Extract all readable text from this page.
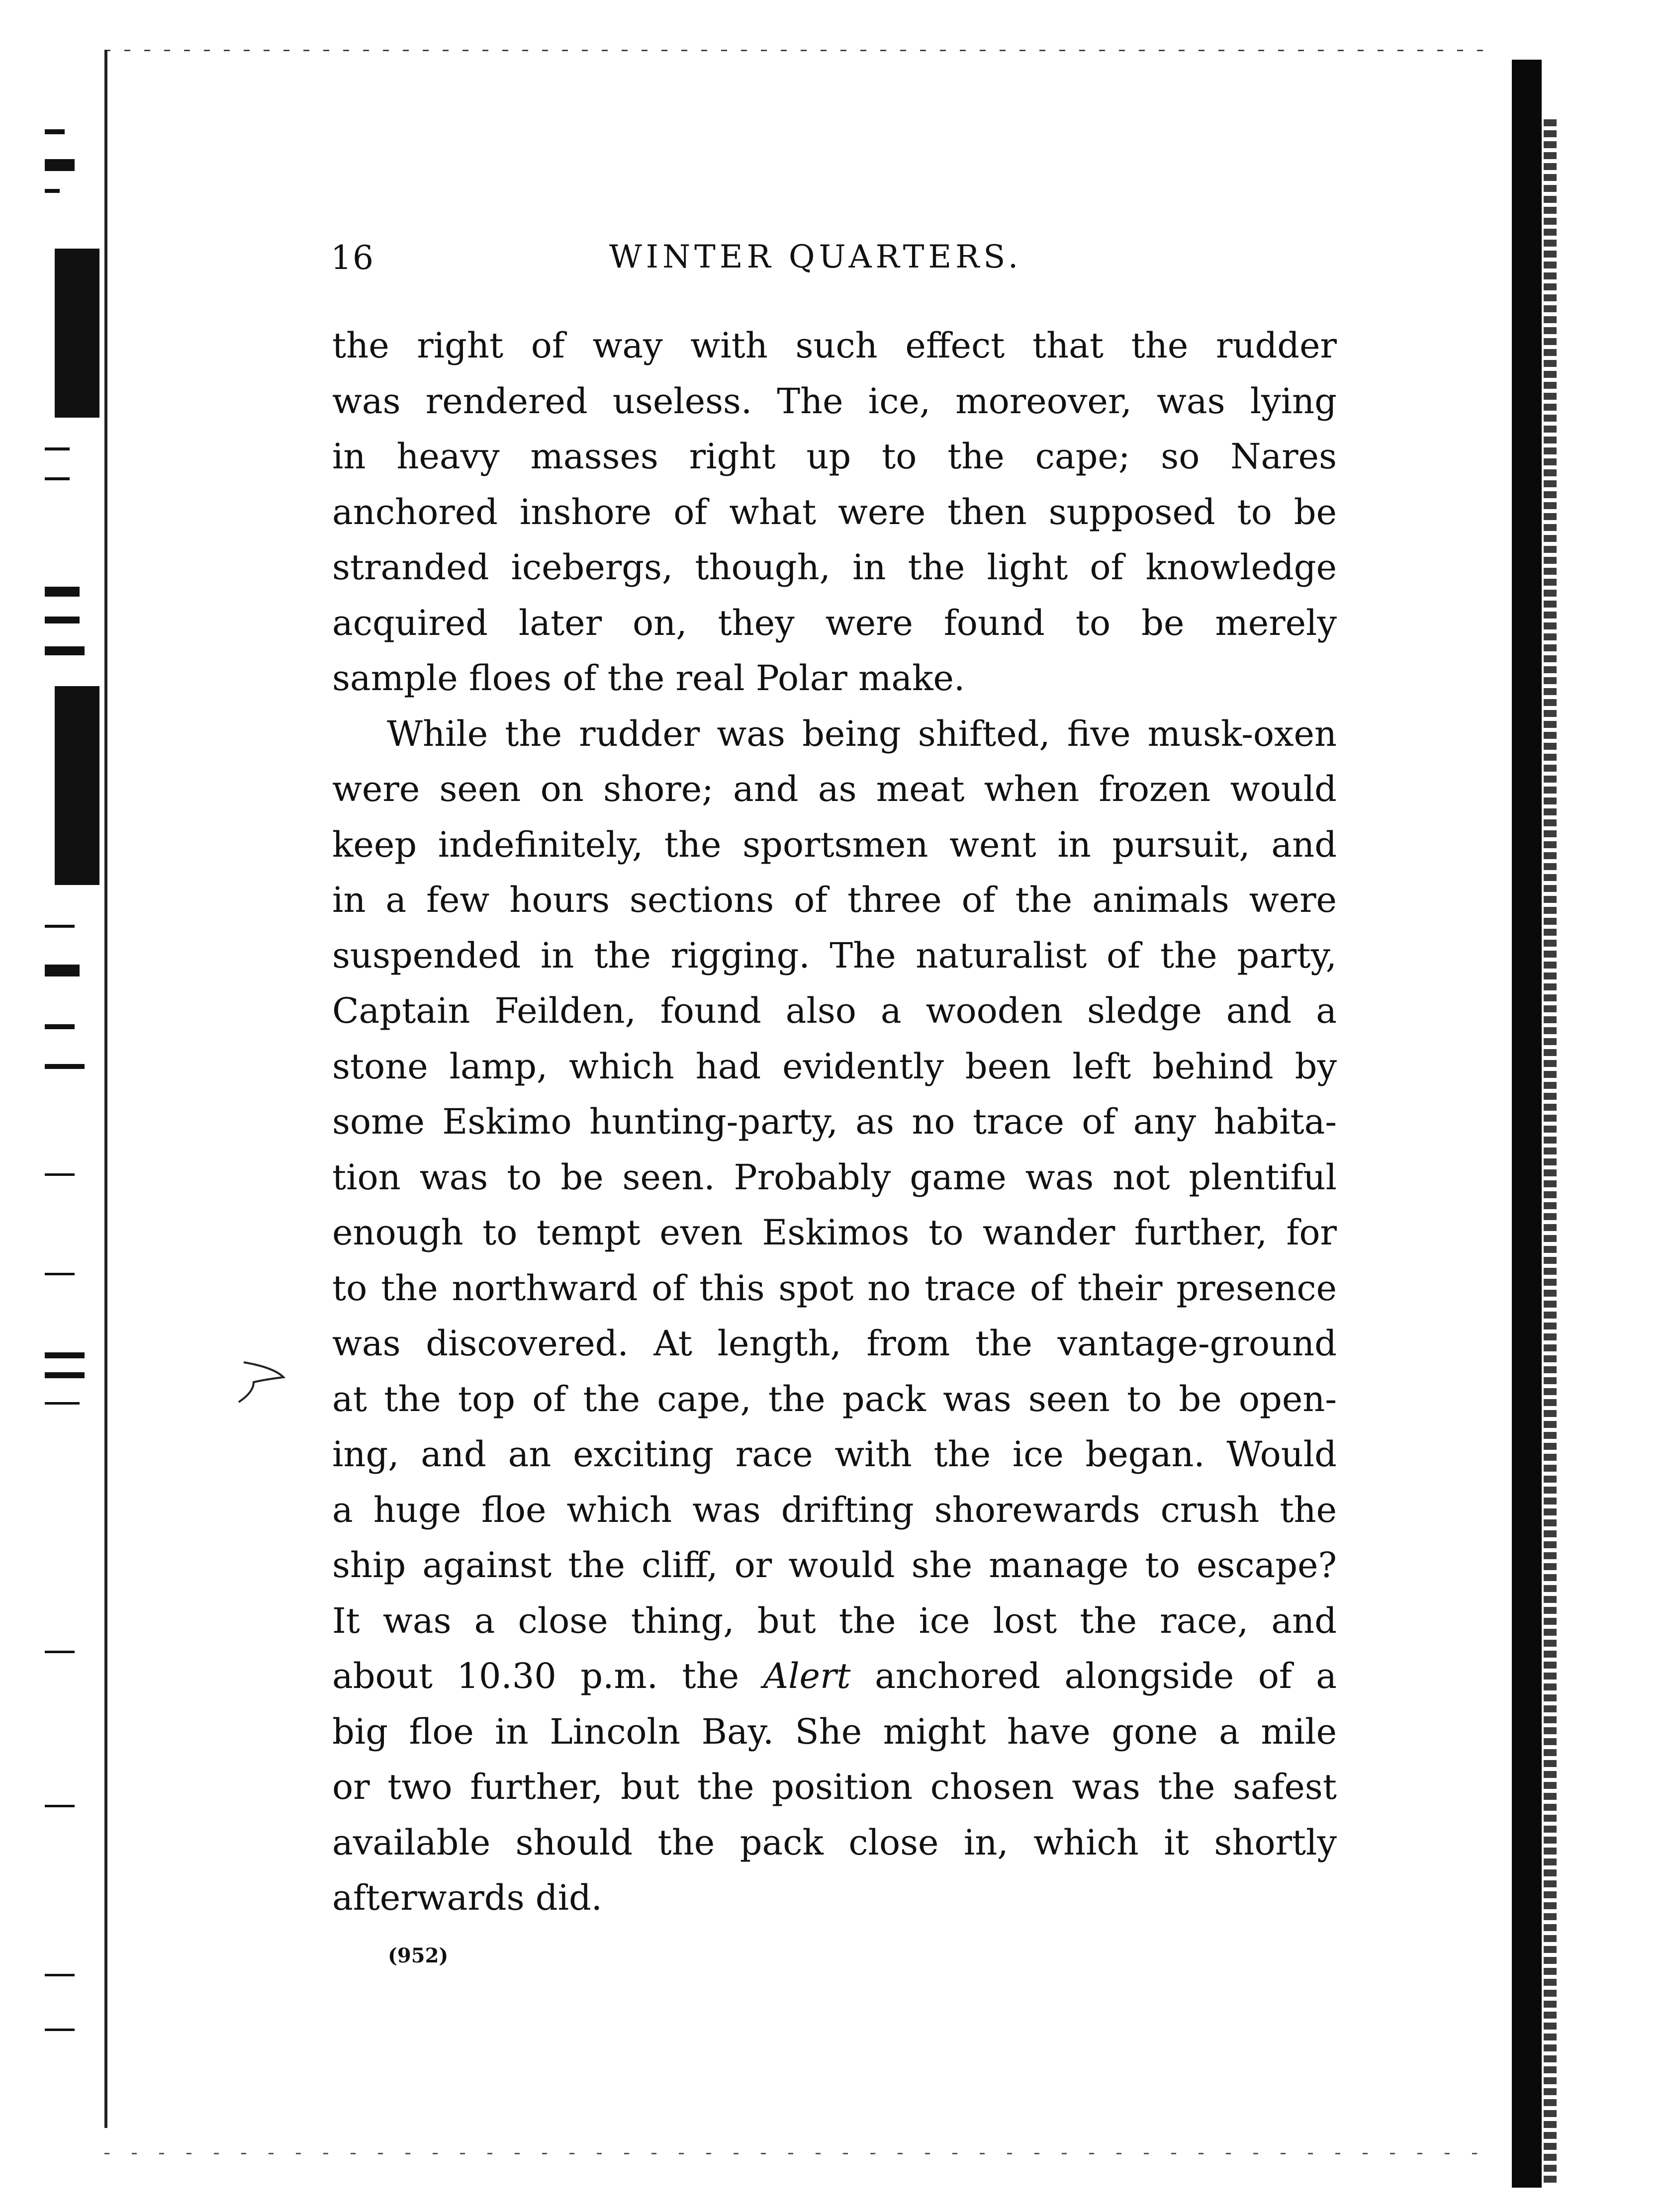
16	WINTER QUARTERS.
the right of way with such effect that the rudder
was rendered useless. The ice, moreover, was lying
in heavy masses right up to the cape; so Nares
anchored inshore of what were then supposed to be
stranded icebergs, though, in the light of knowledge
acquired later on, they were found to be merely
sample floes of the real Polar make.
While the rudder was being shifted, five musk-oxen
were seen on shore; and as meat when frozen would
keep indefinitely, the sportsmen went in pursuit, and
in a few hours sections of three of the animals were
suspended in the rigging. The naturalist of the party,
Captain Feilden, found also a wooden sledge and a
stone lamp, which had evidently been left behind by
some Eskimo hunting-party, as no trace of any habita-
tion was to be seen. Probably game was not plentiful
enough to tempt even Eskimos to wander further, for
to the northward of this spot no trace of their presence
was discovered. At length, from the vantage-ground
at the top of the cape, the pack was seen to be open-
ing, and an exciting race with the ice began. Would
a huge floe which was drifting shorewards crush the
ship against the cliff, or would she manage to escape?
It was a close thing, but the ice lost the race, and
about 10.30 p.m. the Alert anchored alongside of a
big floe in Lincoln Bay. She might have gone a mile
or two further, but the position chosen was the safest
available should the pack close in, which it shortly
afterwards did.
(952)
